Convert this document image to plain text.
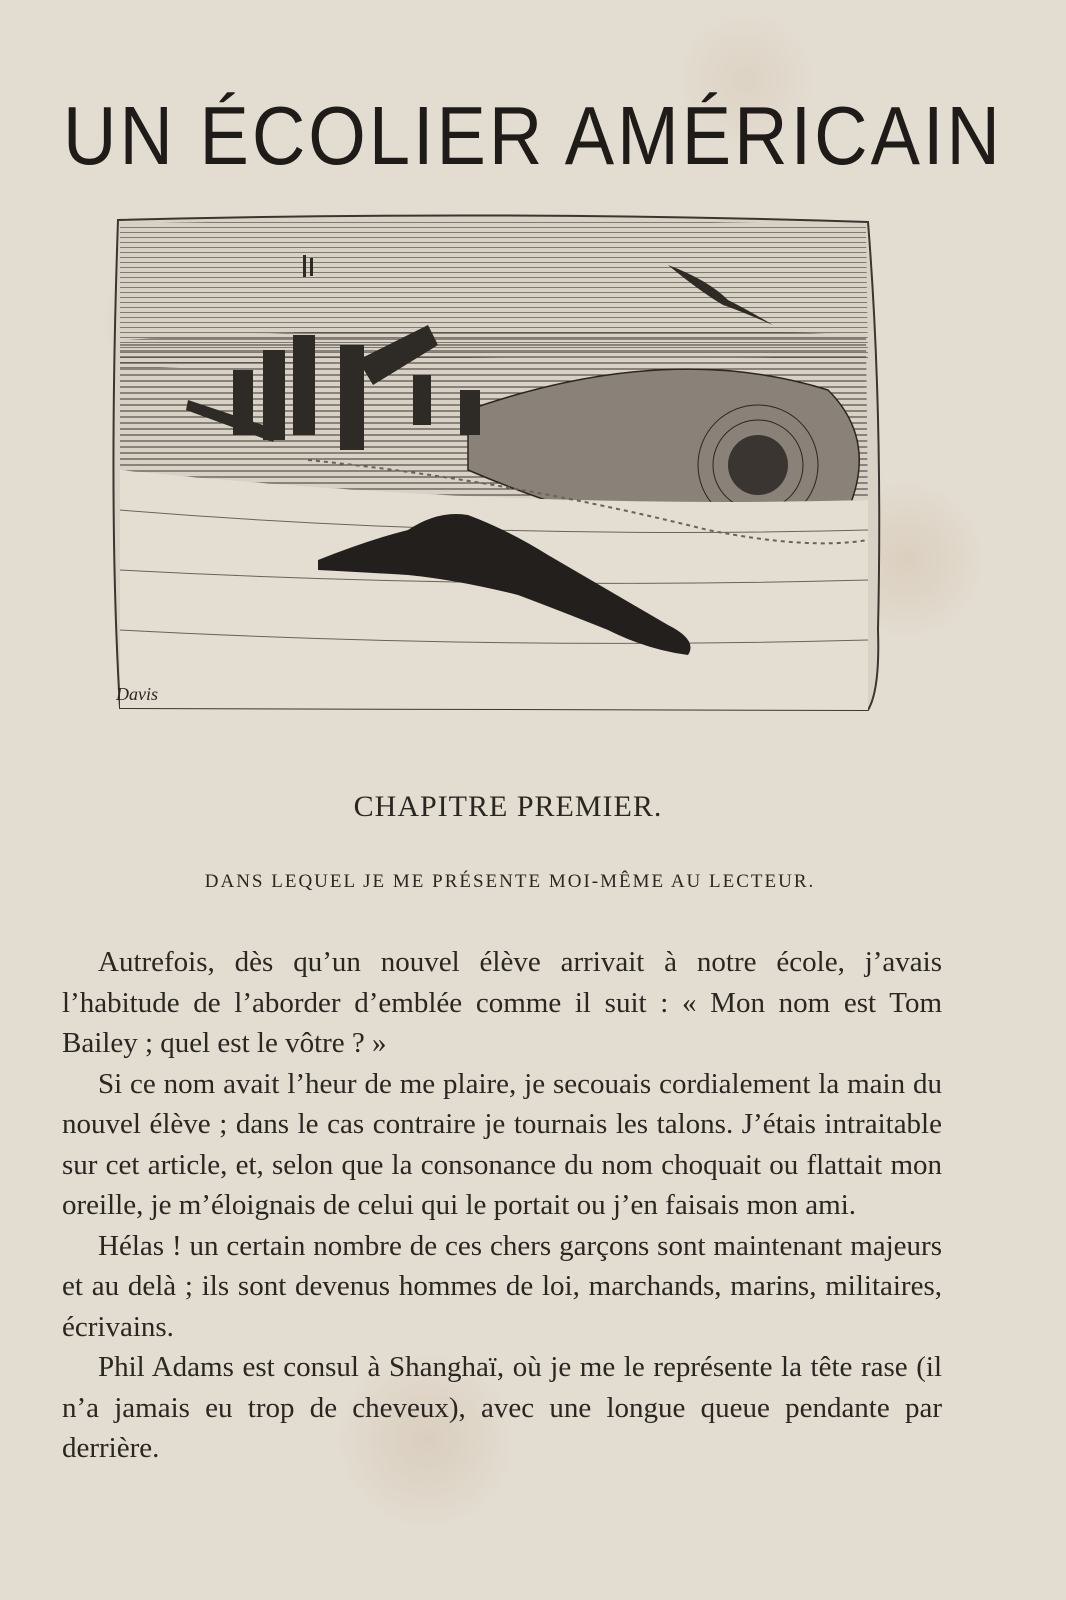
UN ÉCOLIER AMÉRICAIN
Davis
CHAPITRE PREMIER.
DANS LEQUEL JE ME PRÉSENTE MOI-MÊME AU LECTEUR.

Autrefois, dès qu’un nouvel élève arrivait à notre école, j’avais l’habitude de l’aborder d’emblée comme il suit : « Mon nom est Tom Bailey ; quel est le vôtre ? »

Si ce nom avait l’heur de me plaire, je secouais cordialement la main du nouvel élève ; dans le cas contraire je tournais les talons. J’étais intraitable sur cet article, et, selon que la consonance du nom choquait ou flattait mon oreille, je m’éloignais de celui qui le portait ou j’en faisais mon ami.

Hélas ! un certain nombre de ces chers garçons sont maintenant majeurs et au delà ; ils sont devenus hommes de loi, marchands, marins, militaires, écrivains.

Phil Adams est consul à Shanghaï, où je me le représente la tête rase (il n’a jamais eu trop de cheveux), avec une longue queue pendante par derrière.
